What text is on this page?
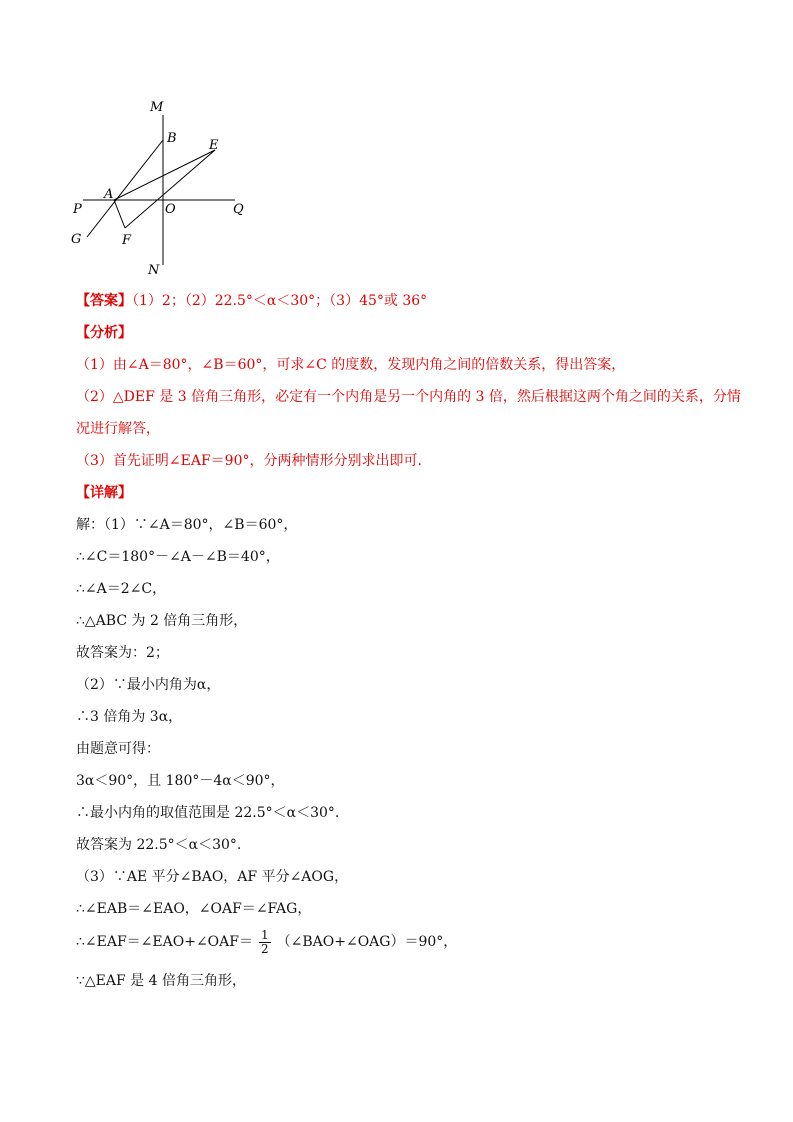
M
B E
A
P	O	Q
G	F
N
【答案】（1）2；（2）22.5°＜α＜30°；（3）45°或 36°
【分析】
（1）由∠A＝80°，∠B＝60°，可求∠C 的度数，发现内角之间的倍数关系，得出答案，
（2）△DEF 是 3 倍角三角形，必定有一个内角是另一个内角的 3 倍，然后根据这两个角之间的关系，分情
况进行解答，
（3）首先证明∠EAF＝90°，分两种情形分别求出即可．
【详解】
解：（1）∵∠A＝80°，∠B＝60°，
∴∠C＝180°－∠A－∠B＝40°，
∴∠A＝2∠C，
∴△ABC 为 2 倍角三角形，
故答案为：2；
（2）∵最小内角为α，
∴3 倍角为 3α，
由题意可得：
3α＜90°，且 180°－4α＜90°，
∴最小内角的取值范围是 22.5°＜α＜30°.
故答案为 22.5°＜α＜30°.
（3）∵AE 平分∠BAO，AF 平分∠AOG，
∴∠EAB＝∠EAO，∠OAF＝∠FAG，
∴∠EAF＝∠EAO+∠OAF＝ $\frac{1}{2}$ （∠BAO+∠OAG）＝90°，
∵△EAF 是 4 倍角三角形，
